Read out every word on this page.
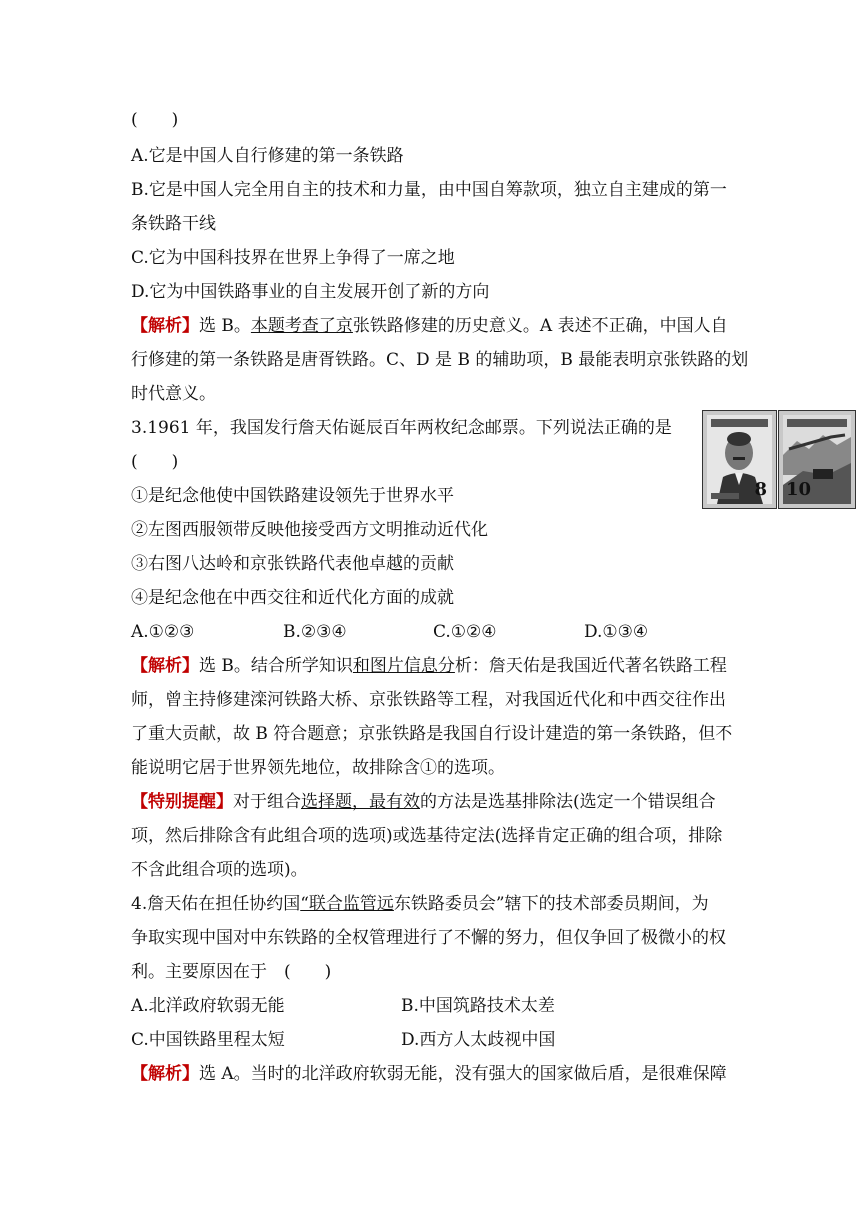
(　　)
A.它是中国人自行修建的第一条铁路
B.它是中国人完全用自主的技术和力量，由中国自筹款项，独立自主建成的第一
条铁路干线
C.它为中国科技界在世界上争得了一席之地
D.它为中国铁路事业的自主发展开创了新的方向
【解析】选 B。本题考查了京张铁路修建的历史意义。A 表述不正确，中国人自
行修建的第一条铁路是唐胥铁路。C、D 是 B 的辅助项，B 最能表明京张铁路的划
时代意义。
3.1961 年，我国发行詹天佑诞辰百年两枚纪念邮票。下列说法正确的是
(　　)
①是纪念他使中国铁路建设领先于世界水平
②左图西服领带反映他接受西方文明推动近代化
③右图八达岭和京张铁路代表他卓越的贡献
④是纪念他在中西交往和近代化方面的成就
A.①②③	B.②③④	C.①②④	D.①③④
8 10
【解析】选 B。结合所学知识和图片信息分析：詹天佑是我国近代著名铁路工程
师，曾主持修建滦河铁路大桥、京张铁路等工程，对我国近代化和中西交往作出
了重大贡献，故 B 符合题意；京张铁路是我国自行设计建造的第一条铁路，但不
能说明它居于世界领先地位，故排除含①的选项。
【特别提醒】对于组合选择题，最有效的方法是选基排除法(选定一个错误组合
项，然后排除含有此组合项的选项)或选基待定法(选择肯定正确的组合项，排除
不含此组合项的选项)。
4.詹天佑在担任协约国“联合监管远东铁路委员会”辖下的技术部委员期间，为
争取实现中国对中东铁路的全权管理进行了不懈的努力，但仅争回了极微小的权
利。主要原因在于　(　　)
A.北洋政府软弱无能	B.中国筑路技术太差
C.中国铁路里程太短	D.西方人太歧视中国
【解析】选 A。当时的北洋政府软弱无能，没有强大的国家做后盾，是很难保障
